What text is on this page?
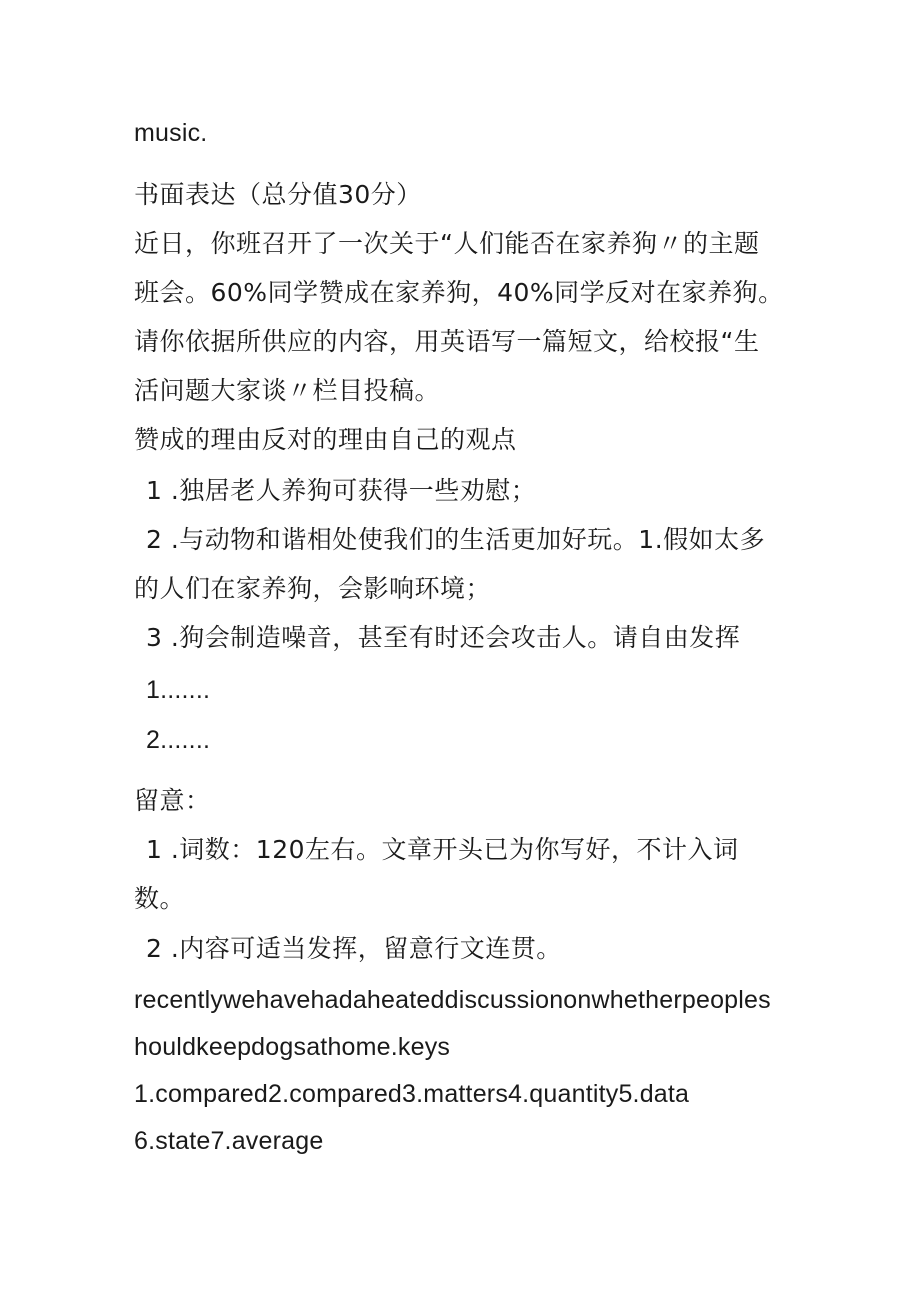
music.
书面表达（总分值30分）
近日，你班召开了一次关于“人们能否在家养狗〃的主题
班会。60%同学赞成在家养狗，40%同学反对在家养狗。
请你依据所供应的内容，用英语写一篇短文，给校报“生
活问题大家谈〃栏目投稿。
赞成的理由反对的理由自己的观点
1 .独居老人养狗可获得一些劝慰；
2 .与动物和谐相处使我们的生活更加好玩。1.假如太多
的人们在家养狗，会影响环境；
3 .狗会制造噪音，甚至有时还会攻击人。请自由发挥
1.......
2.......
留意：
1 .词数：120左右。文章开头已为你写好，不计入词
数。
2 .内容可适当发挥，留意行文连贯。
recentlywehavehadaheateddiscussiononwhetherpeoples
houldkeepdogsathome.keys
1.compared2.compared3.matters4.quantity5.data
6.state7.average
